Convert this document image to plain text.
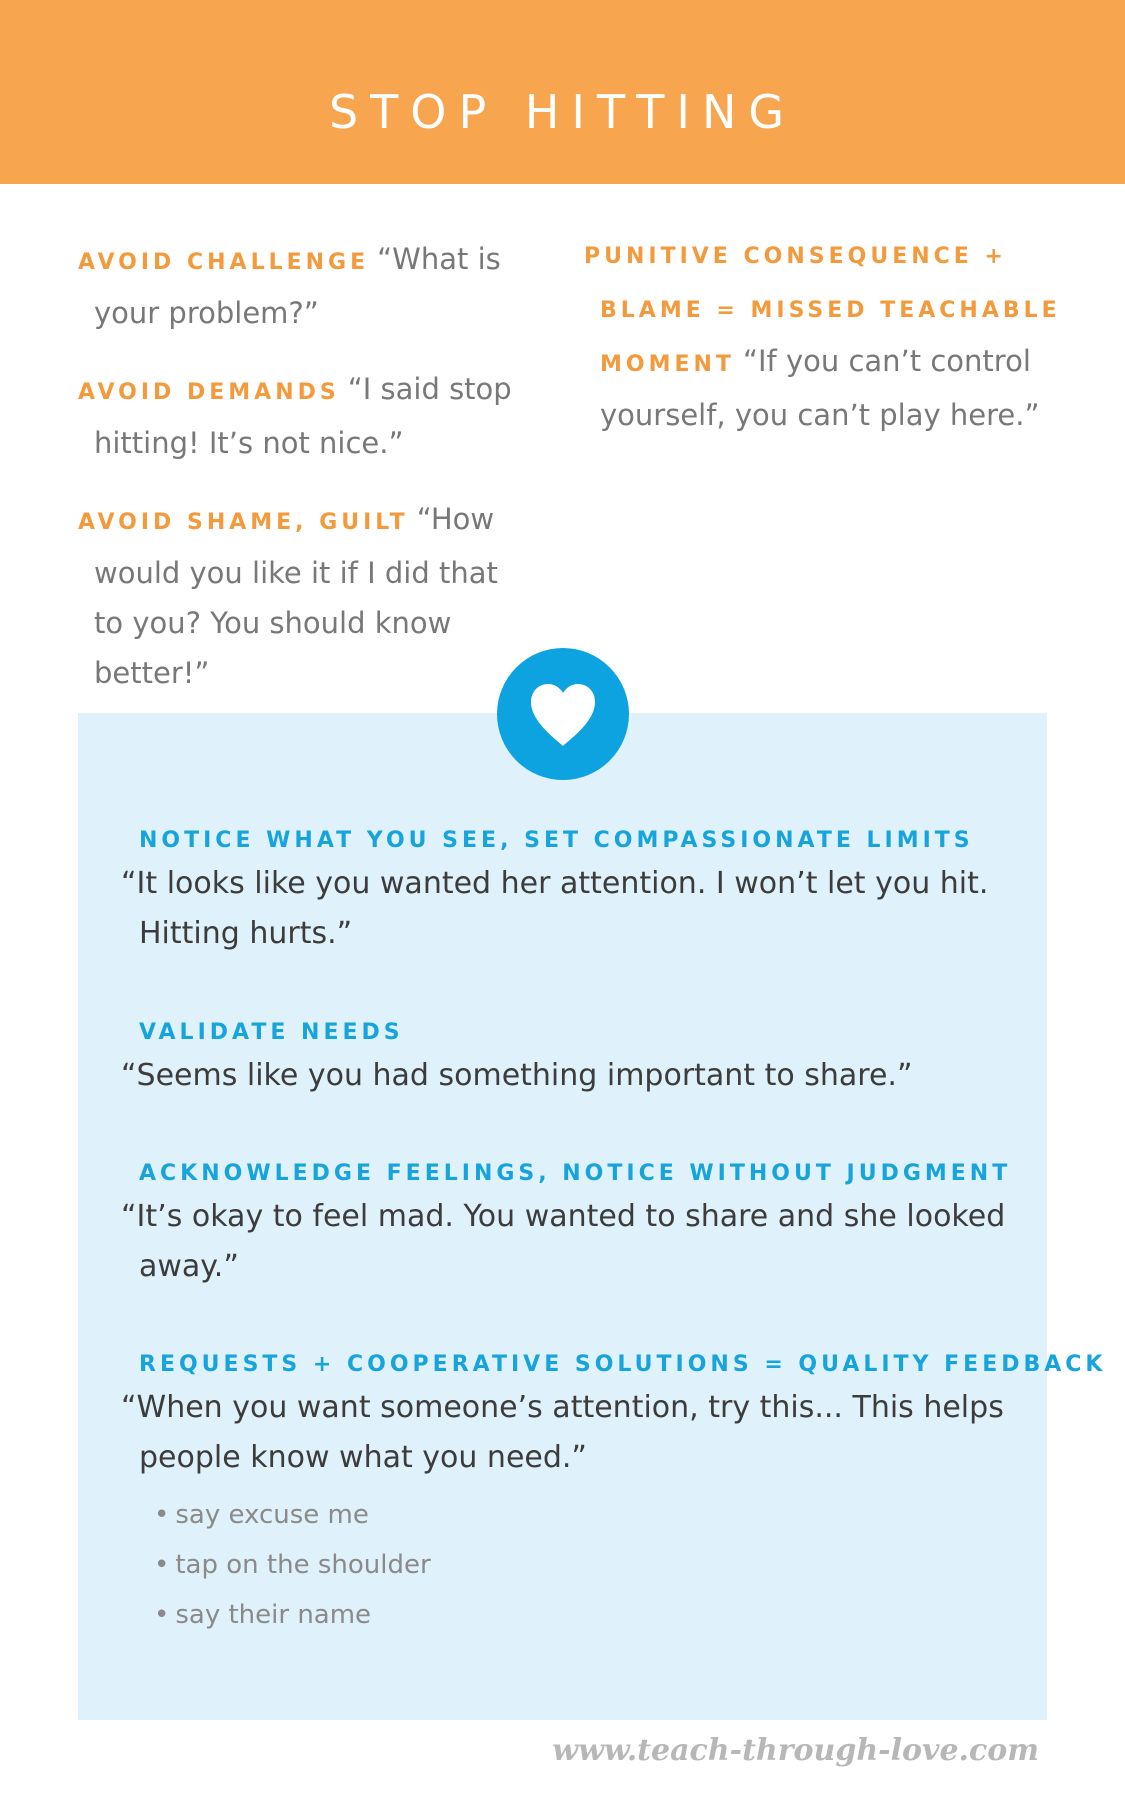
STOP HITTING
AVOID CHALLENGE “What is your problem?”
AVOID DEMANDS “I said stop hitting! It’s not nice.”
AVOID SHAME, GUILT “How would you like it if I did that to you? You should know better!”
PUNITIVE CONSEQUENCE + BLAME = MISSED TEACHABLE MOMENT “If you can’t control yourself, you can’t play here.”
NOTICE WHAT YOU SEE, SET COMPASSIONATE LIMITS
“It looks like you wanted her attention. I won’t let you hit. Hitting hurts.”
VALIDATE NEEDS
“Seems like you had something important to share.”
ACKNOWLEDGE FEELINGS, NOTICE WITHOUT JUDGMENT
“It’s okay to feel mad. You wanted to share and she looked away.”
REQUESTS + COOPERATIVE SOLUTIONS = QUALITY FEEDBACK
“When you want someone’s attention, try this... This helps people know what you need.”
• say excuse me
• tap on the shoulder
• say their name
www.teach-through-love.com
